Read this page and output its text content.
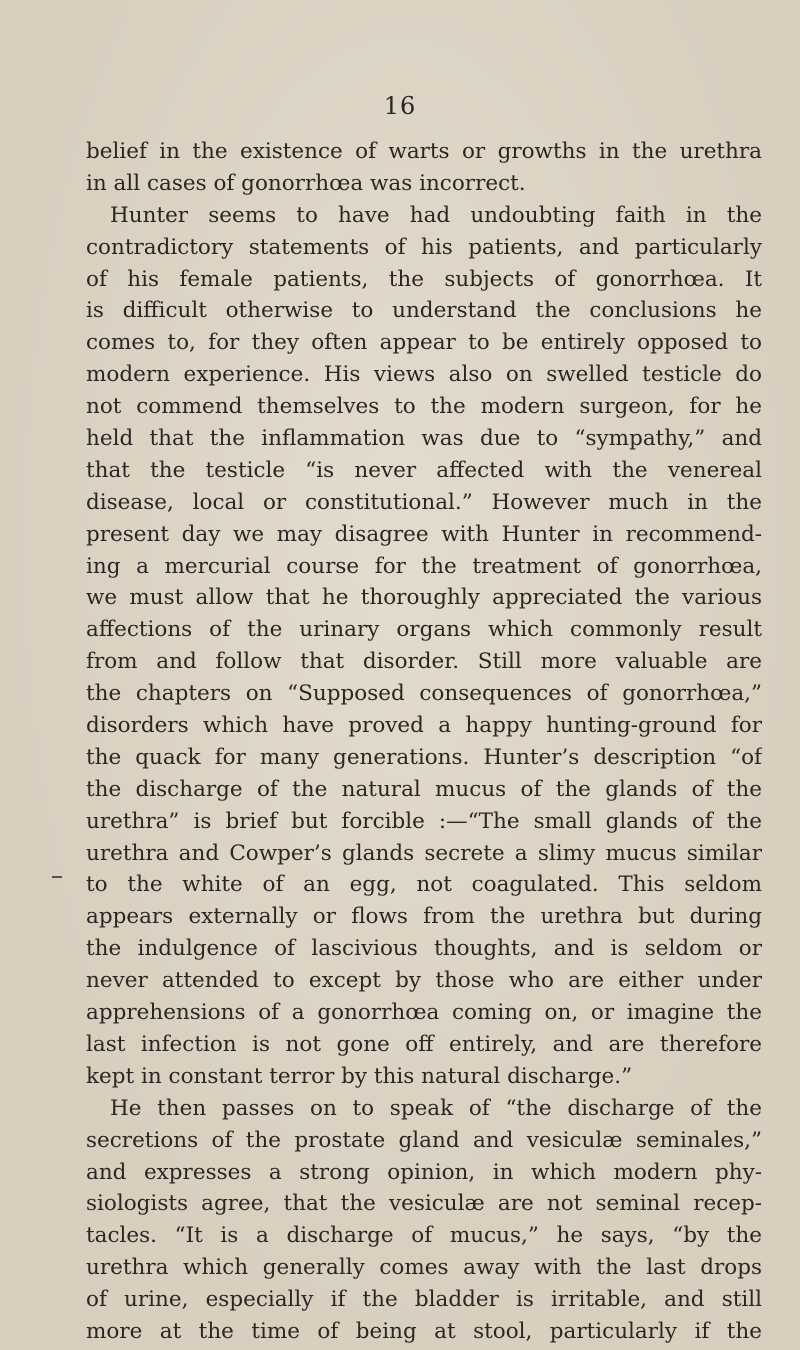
16
belief in the existence of warts or growths in the urethra
in all cases of gonorrhœa was incorrect.
Hunter seems to have had undoubting faith in the
contradictory statements of his patients, and particularly
of his female patients, the subjects of gonorrhœa. It
is difficult otherwise to understand the conclusions he
comes to, for they often appear to be entirely opposed to
modern experience. His views also on swelled testicle do
not commend themselves to the modern surgeon, for he
held that the inflammation was due to “sympathy,” and
that the testicle “is never affected with the venereal
disease, local or constitutional.” However much in the
present day we may disagree with Hunter in recommend-
ing a mercurial course for the treatment of gonorrhœa,
we must allow that he thoroughly appreciated the various
affections of the urinary organs which commonly result
from and follow that disorder. Still more valuable are
the chapters on “Supposed consequences of gonorrhœa,”
disorders which have proved a happy hunting-ground for
the quack for many generations. Hunter’s description “of
the discharge of the natural mucus of the glands of the
urethra” is brief but forcible :—“The small glands of the
urethra and Cowper’s glands secrete a slimy mucus similar
to the white of an egg, not coagulated. This seldom
appears externally or flows from the urethra but during
the indulgence of lascivious thoughts, and is seldom or
never attended to except by those who are either under
apprehensions of a gonorrhœa coming on, or imagine the
last infection is not gone off entirely, and are therefore
kept in constant terror by this natural discharge.”
He then passes on to speak of “the discharge of the
secretions of the prostate gland and vesiculæ seminales,”
and expresses a strong opinion, in which modern phy-
siologists agree, that the vesiculæ are not seminal recep-
tacles. “It is a discharge of mucus,” he says, “by the
urethra which generally comes away with the last drops
of urine, especially if the bladder is irritable, and still
more at the time of being at stool, particularly if the
